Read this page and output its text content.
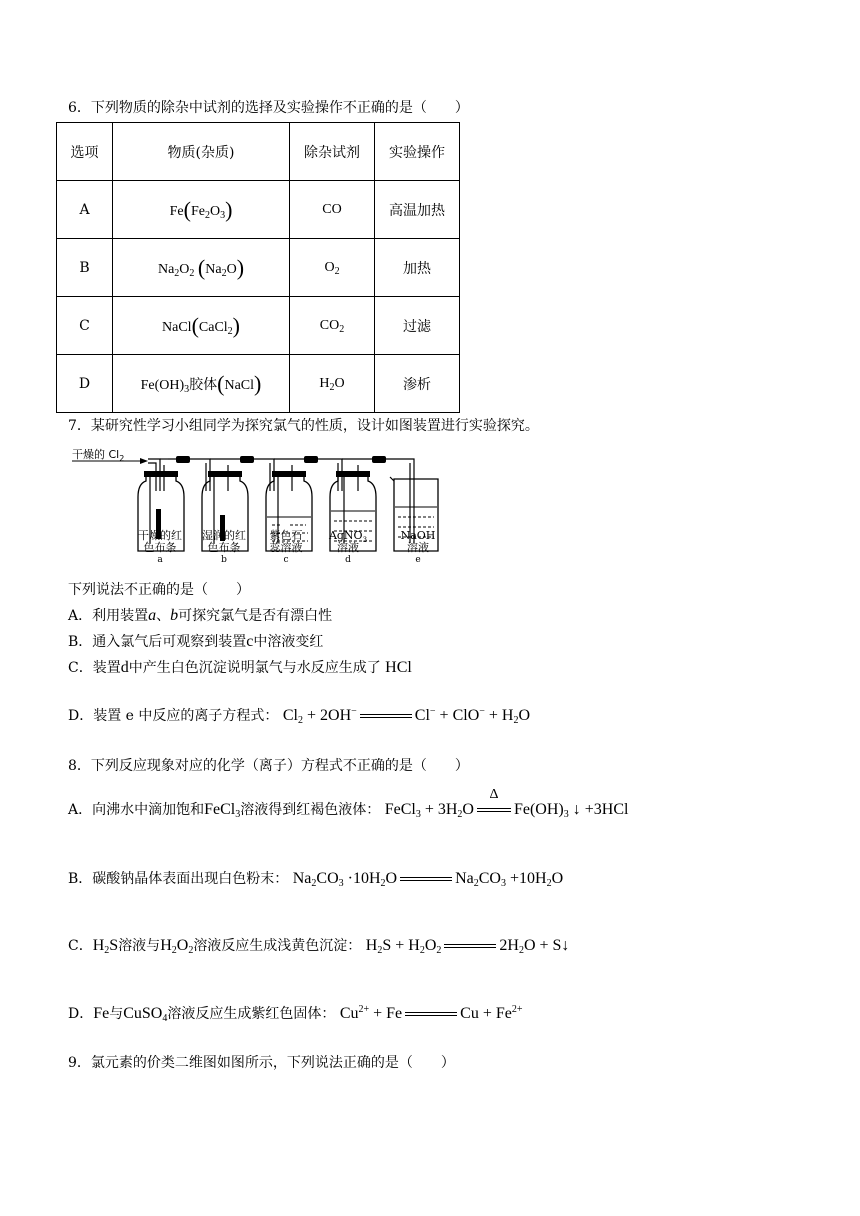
6．下列物质的除杂中试剂的选择及实验操作不正确的是（　　）
选项	物质(杂质)	除杂试剂	实验操作
A	$Fe(Fe_2O_3)$	CO	高温加热
B	$Na_2O_2$ $(Na_2O)$	$O_2$	加热
C	NaCl(CaCl$_2$)	$CO_2$	过滤
D	$Fe(OH)_3$胶体(NaCl)	$H_2O$	渗析
7．某研究性学习小组同学为探究氯气的性质，设计如图装置进行实验探究。
干燥的 $Cl_2$
干燥的红
色布条
a
湿润的红
色布条
b
紫色石
蕊溶液
c
AgNO$_3$
溶液
d
NaOH
溶液
e
下列说法不正确的是（　　）
A．利用装置a、b可探究氯气是否有漂白性
B．通入氯气后可观察到装置c中溶液变红
C．装置d中产生白色沉淀说明氯气与水反应生成了 HCl
D．装置 e 中反应的离子方程式： $Cl_2 + 2OH^-$	$Cl^- + ClO^- + H_2O$
8．下列反应现象对应的化学（离子）方程式不正确的是（　　）
A．向沸水中滴加饱和FeCl$_3$溶液得到红褐色液体： FeCl$_3$ + $3H_2O$
Δ
$Fe(OH)_3$ ↓ +3HCl
B．碳酸钠晶体表面出现白色粉末： $Na_2CO_3 \cdot 10H_2O$	$Na_2CO_3 +10H_2O$
C．$H_2S$溶液与$H_2O_2$溶液反应生成浅黄色沉淀： $H_2S + H_2O_2$	$2H_2O$ + S↓
D．Fe与CuSO$_4$溶液反应生成紫红色固体： $Cu^{2+} + Fe$	$Cu + Fe^{2+}$
9．氯元素的价类二维图如图所示，下列说法正确的是（　　）
